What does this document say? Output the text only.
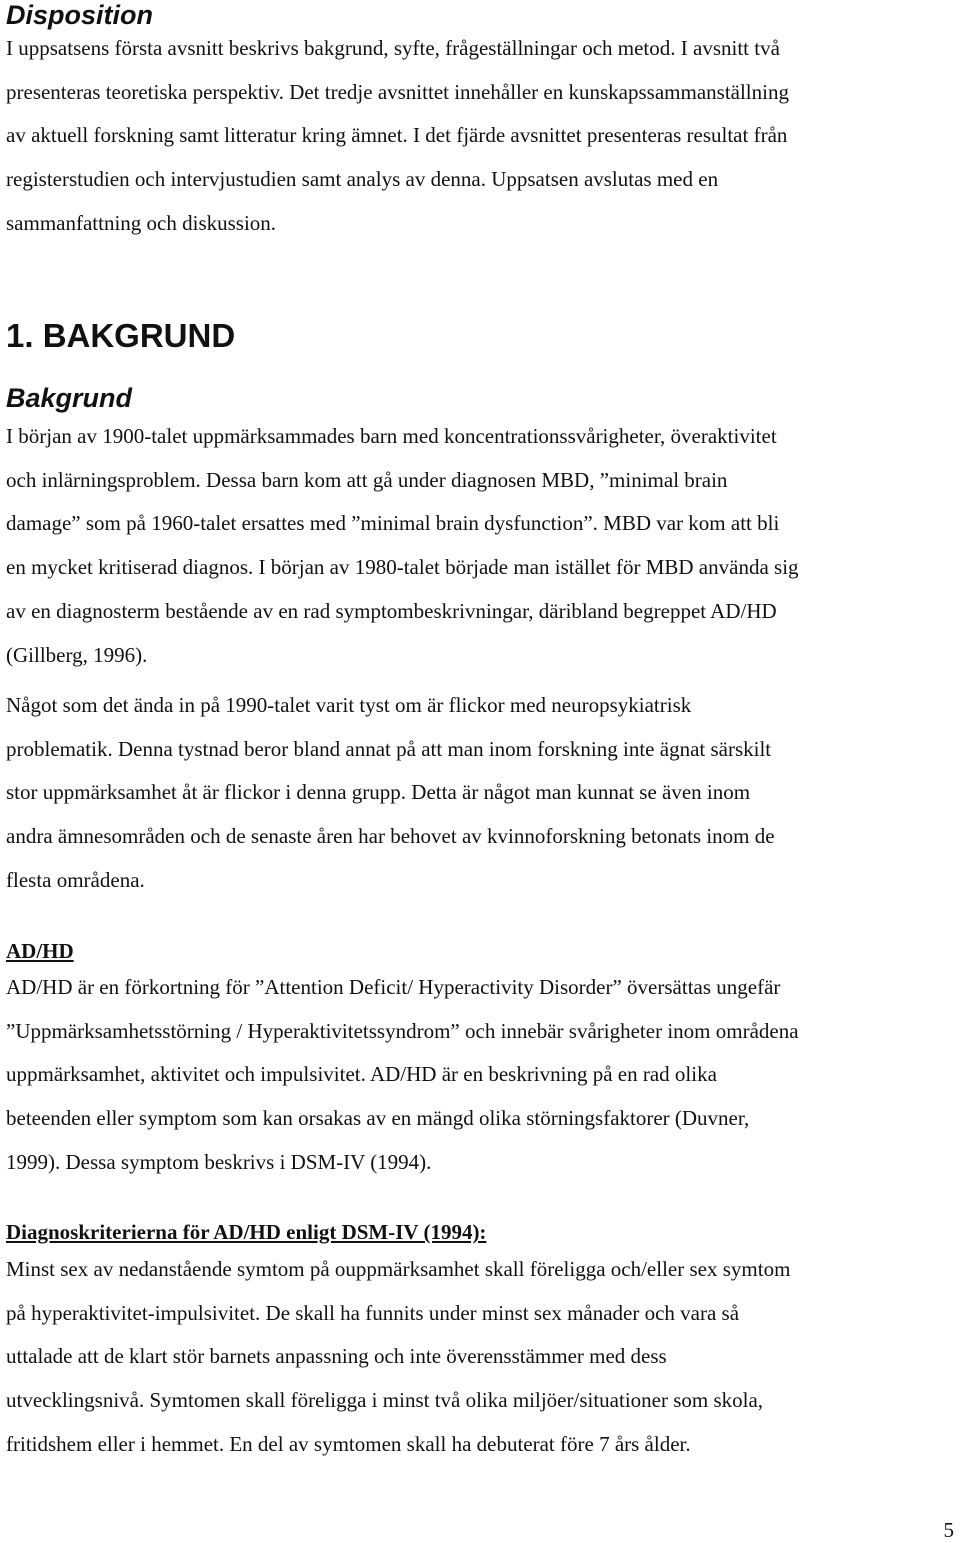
Disposition
I uppsatsens första avsnitt beskrivs bakgrund, syfte, frågeställningar och metod. I avsnitt två
presenteras teoretiska perspektiv. Det tredje avsnittet innehåller en kunskapssammanställning
av aktuell forskning samt litteratur kring ämnet. I det fjärde avsnittet presenteras resultat från
registerstudien och intervjustudien samt analys av denna. Uppsatsen avslutas med en
sammanfattning och diskussion.
1. BAKGRUND
Bakgrund
I början av 1900-talet uppmärksammades barn med koncentrationssvårigheter, överaktivitet
och inlärningsproblem. Dessa barn kom att gå under diagnosen MBD, ”minimal brain
damage” som på 1960-talet ersattes med ”minimal brain dysfunction”. MBD var kom att bli
en mycket kritiserad diagnos. I början av 1980-talet började man istället för MBD använda sig
av en diagnosterm bestående av en rad symptombeskrivningar, däribland begreppet AD/HD
(Gillberg, 1996).
Något som det ända in på 1990-talet varit tyst om är flickor med neuropsykiatrisk
problematik. Denna tystnad beror bland annat på att man inom forskning inte ägnat särskilt
stor uppmärksamhet åt är flickor i denna grupp. Detta är något man kunnat se även inom
andra ämnesområden och de senaste åren har behovet av kvinnoforskning betonats inom de
flesta områdena.
AD/HD
AD/HD är en förkortning för ”Attention Deficit/ Hyperactivity Disorder” översättas ungefär
”Uppmärksamhetsstörning / Hyperaktivitetssyndrom” och innebär svårigheter inom områdena
uppmärksamhet, aktivitet och impulsivitet. AD/HD är en beskrivning på en rad olika
beteenden eller symptom som kan orsakas av en mängd olika störningsfaktorer (Duvner,
1999). Dessa symptom beskrivs i DSM-IV (1994).
Diagnoskriterierna för AD/HD enligt DSM-IV (1994):
Minst sex av nedanstående symtom på ouppmärksamhet skall föreligga och/eller sex symtom
på hyperaktivitet-impulsivitet. De skall ha funnits under minst sex månader och vara så
uttalade att de klart stör barnets anpassning och inte överensstämmer med dess
utvecklingsnivå. Symtomen skall föreligga i minst två olika miljöer/situationer som skola,
fritidshem eller i hemmet. En del av symtomen skall ha debuterat före 7 års ålder.
5
